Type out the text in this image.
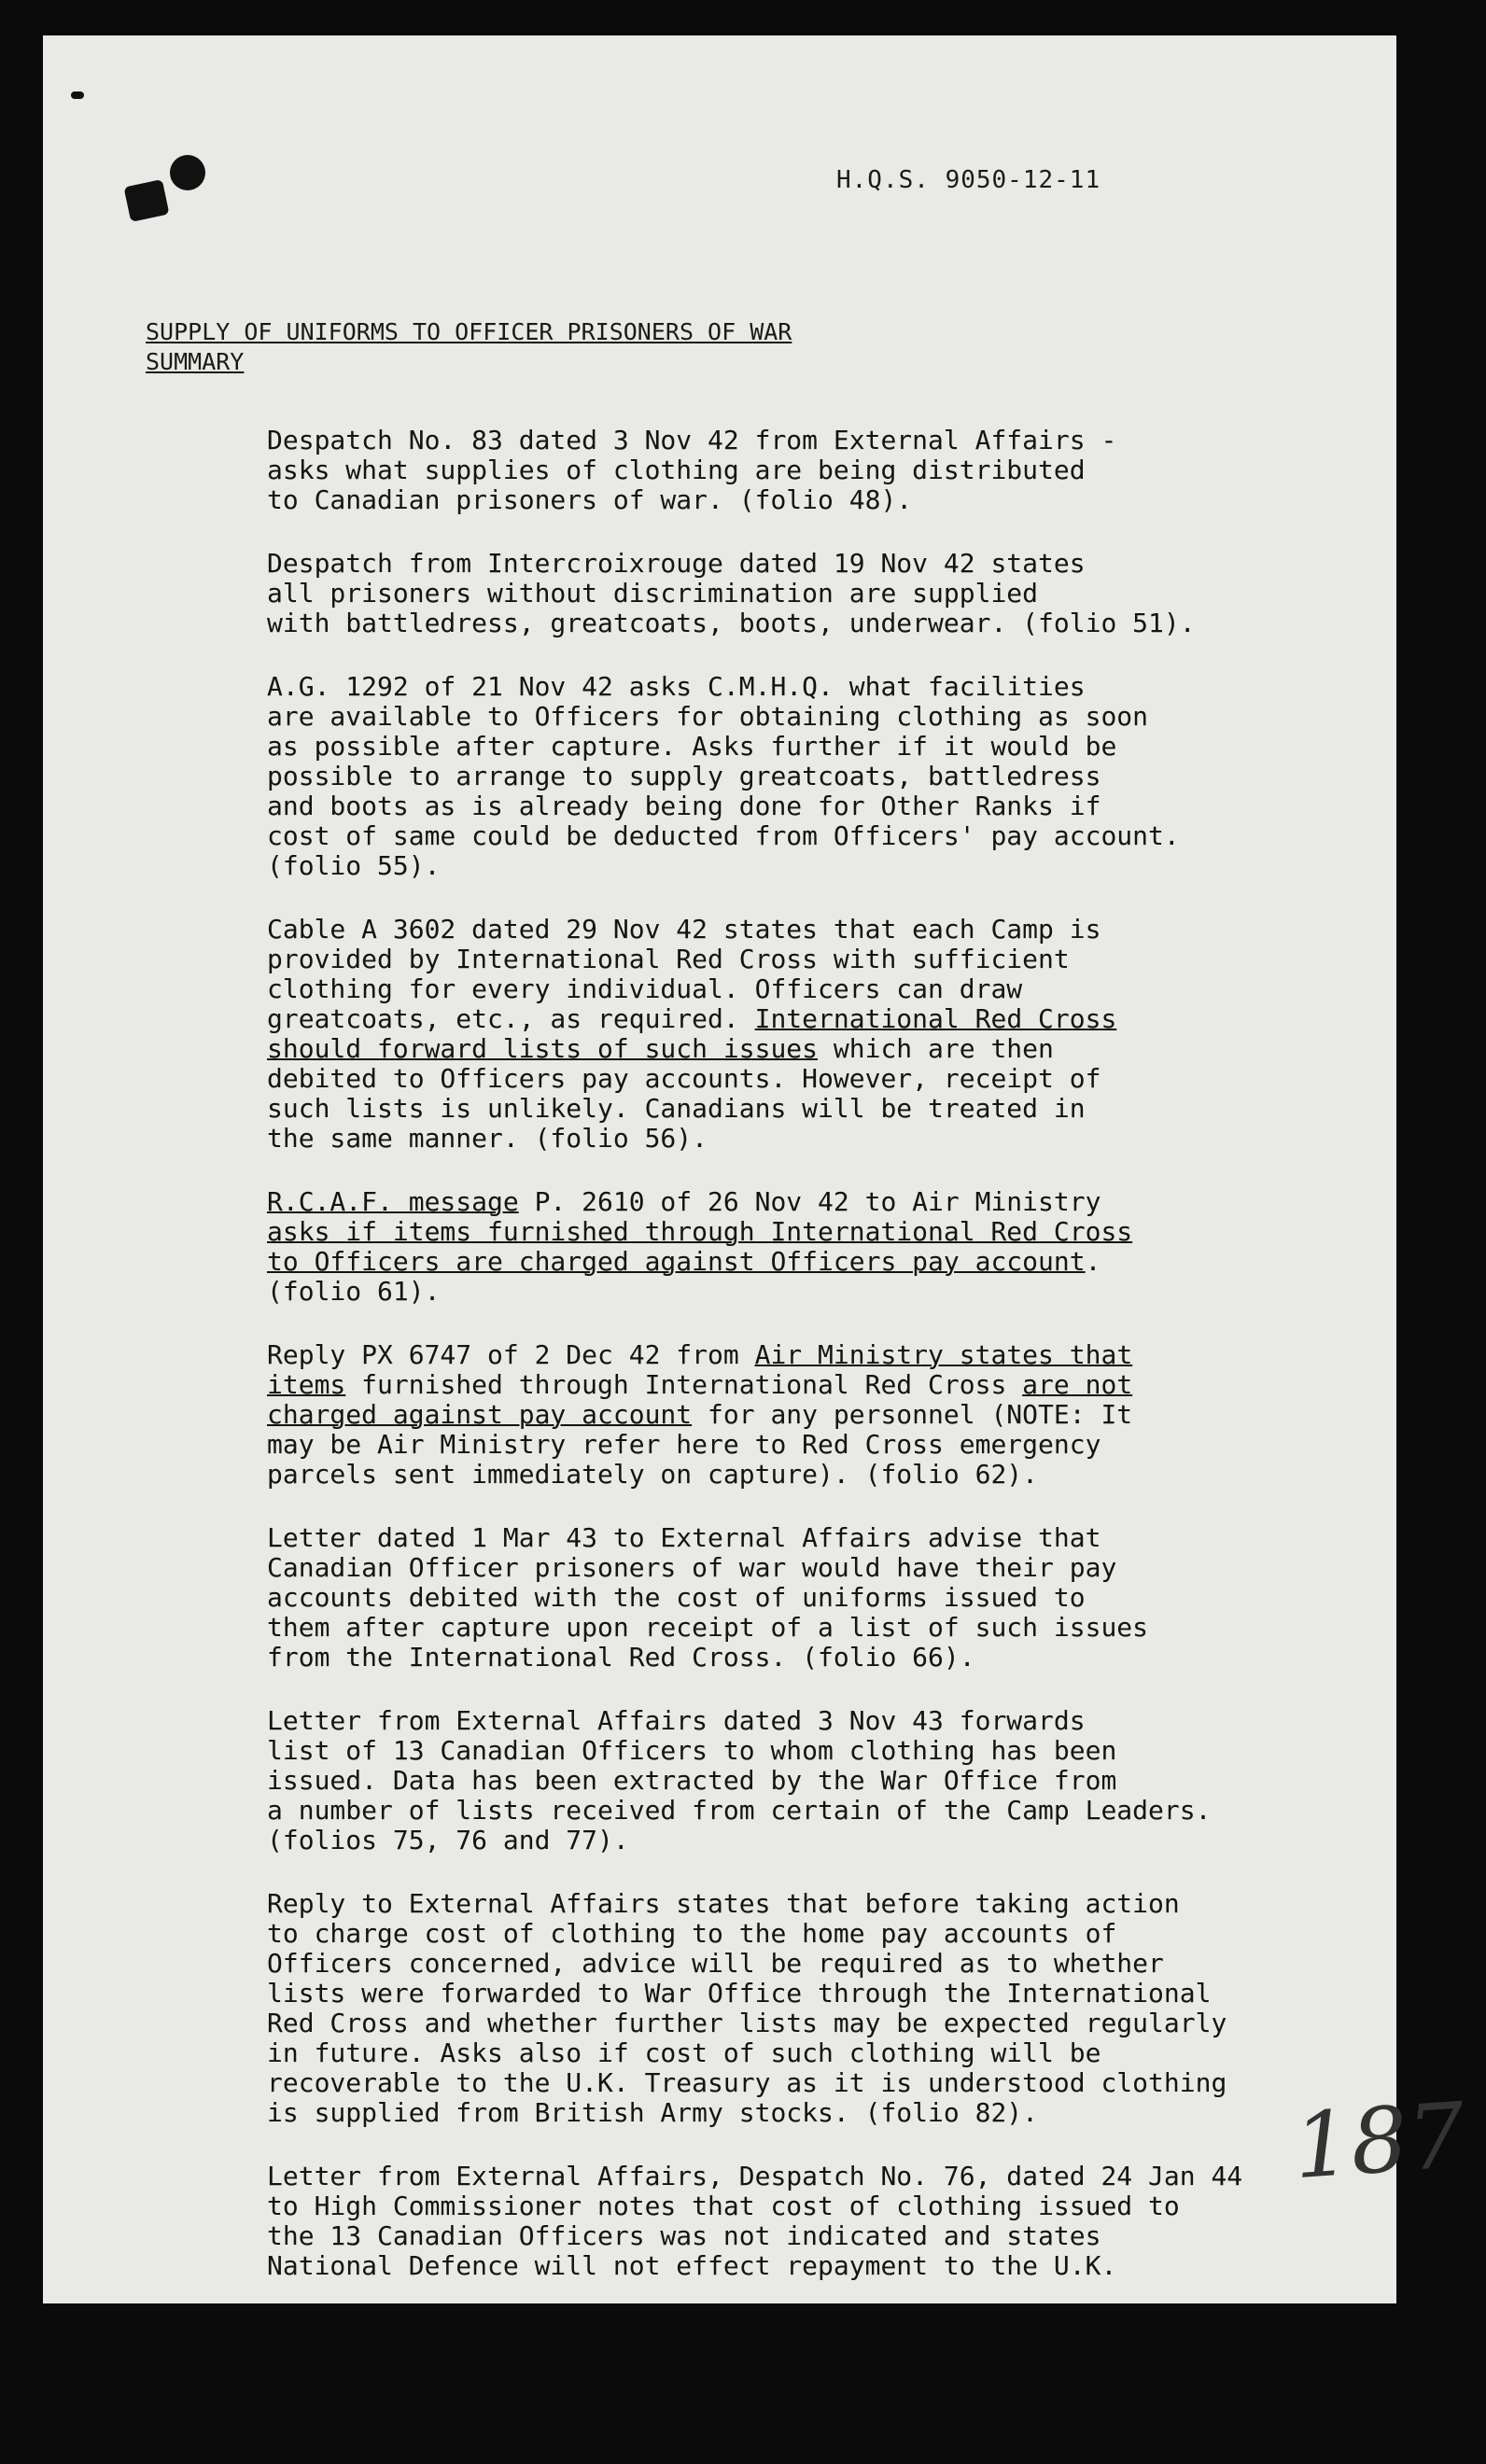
H.Q.S. 9050-12-11
SUPPLY OF UNIFORMS TO OFFICER PRISONERS OF WAR
SUMMARY

Despatch No. 83 dated 3 Nov 42 from External Affairs -
asks what supplies of clothing are being distributed
to Canadian prisoners of war. (folio 48).

Despatch from Intercroixrouge dated 19 Nov 42 states
all prisoners without discrimination are supplied
with battledress, greatcoats, boots, underwear. (folio 51).

A.G. 1292 of 21 Nov 42 asks C.M.H.Q. what facilities
are available to Officers for obtaining clothing as soon
as possible after capture. Asks further if it would be
possible to arrange to supply greatcoats, battledress
and boots as is already being done for Other Ranks if
cost of same could be deducted from Officers' pay account.
(folio 55).

Cable A 3602 dated 29 Nov 42 states that each Camp is
provided by International Red Cross with sufficient
clothing for every individual. Officers can draw
greatcoats, etc., as required. International Red Cross
should forward lists of such issues which are then
debited to Officers pay accounts. However, receipt of
such lists is unlikely. Canadians will be treated in
the same manner. (folio 56).

R.C.A.F. message P. 2610 of 26 Nov 42 to Air Ministry
asks if items furnished through International Red Cross
to Officers are charged against Officers pay account.
(folio 61).

Reply PX 6747 of 2 Dec 42 from Air Ministry states that
items furnished through International Red Cross are not
charged against pay account for any personnel (NOTE: It
may be Air Ministry refer here to Red Cross emergency
parcels sent immediately on capture). (folio 62).

Letter dated 1 Mar 43 to External Affairs advise that
Canadian Officer prisoners of war would have their pay
accounts debited with the cost of uniforms issued to
them after capture upon receipt of a list of such issues
from the International Red Cross. (folio 66).

Letter from External Affairs dated 3 Nov 43 forwards
list of 13 Canadian Officers to whom clothing has been
issued. Data has been extracted by the War Office from
a number of lists received from certain of the Camp Leaders.
(folios 75, 76 and 77).

Reply to External Affairs states that before taking action
to charge cost of clothing to the home pay accounts of
Officers concerned, advice will be required as to whether
lists were forwarded to War Office through the International
Red Cross and whether further lists may be expected regularly
in future. Asks also if cost of such clothing will be
recoverable to the U.K. Treasury as it is understood clothing
is supplied from British Army stocks. (folio 82).

Letter from External Affairs, Despatch No. 76, dated 24 Jan 44
to High Commissioner notes that cost of clothing issued to
the 13 Canadian Officers was not indicated and states
National Defence will not effect repayment to the U.K.

187
